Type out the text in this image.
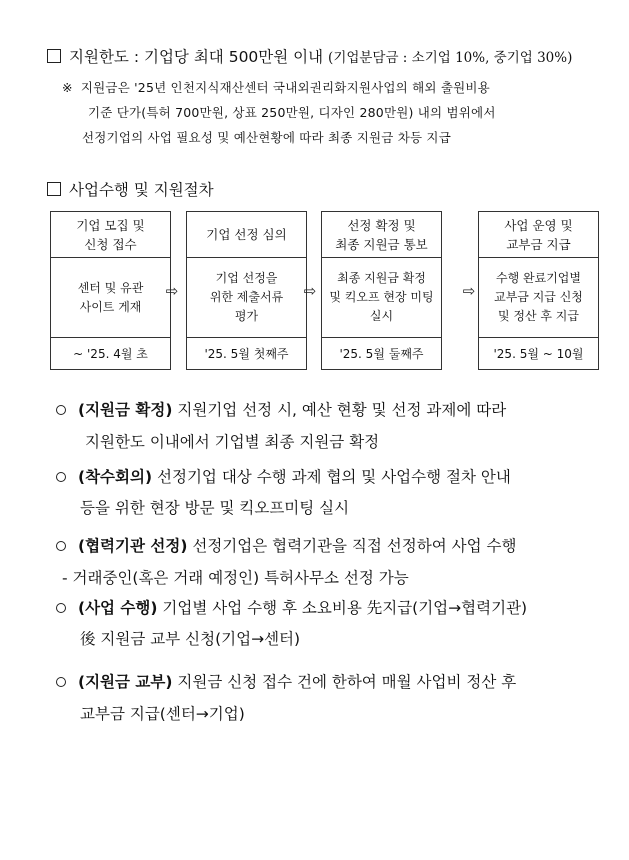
지원한도 : 기업당 최대 500만원 이내 (기업분담금 : 소기업 10%, 중기업 30%)
※ 지원금은 '25년 인천지식재산센터 국내외권리화지원사업의 해외 출원비용
기준 단가(특허 700만원, 상표 250만원, 디자인 280만원) 내의 범위에서
선정기업의 사업 필요성 및 예산현황에 따라 최종 지원금 차등 지급
사업수행 및 지원절차
기업 모집 및
신청 접수
센터 및 유관
사이트 게재
~ '25. 4월 초
⇨
기업 선정 심의
기업 선정을
위한 제출서류
평가
'25. 5월 첫째주
⇨
선정 확정 및
최종 지원금 통보
최종 지원금 확정
및 킥오프 현장 미팅
실시
'25. 5월 둘째주
⇨
사업 운영 및
교부금 지급
수행 완료기업별
교부금 지급 신청
및 정산 후 지급
'25. 5월 ~ 10월
(지원금 확정) 지원기업 선정 시, 예산 현황 및 선정 과제에 따라
지원한도 이내에서 기업별 최종 지원금 확정
(착수회의) 선정기업 대상 수행 과제 협의 및 사업수행 절차 안내
등을 위한 현장 방문 및 킥오프미팅 실시
(협력기관 선정) 선정기업은 협력기관을 직접 선정하여 사업 수행
- 거래중인(혹은 거래 예정인) 특허사무소 선정 가능
(사업 수행) 기업별 사업 수행 후 소요비용 先지급(기업→협력기관)
後 지원금 교부 신청(기업→센터)
(지원금 교부) 지원금 신청 접수 건에 한하여 매월 사업비 정산 후
교부금 지급(센터→기업)
